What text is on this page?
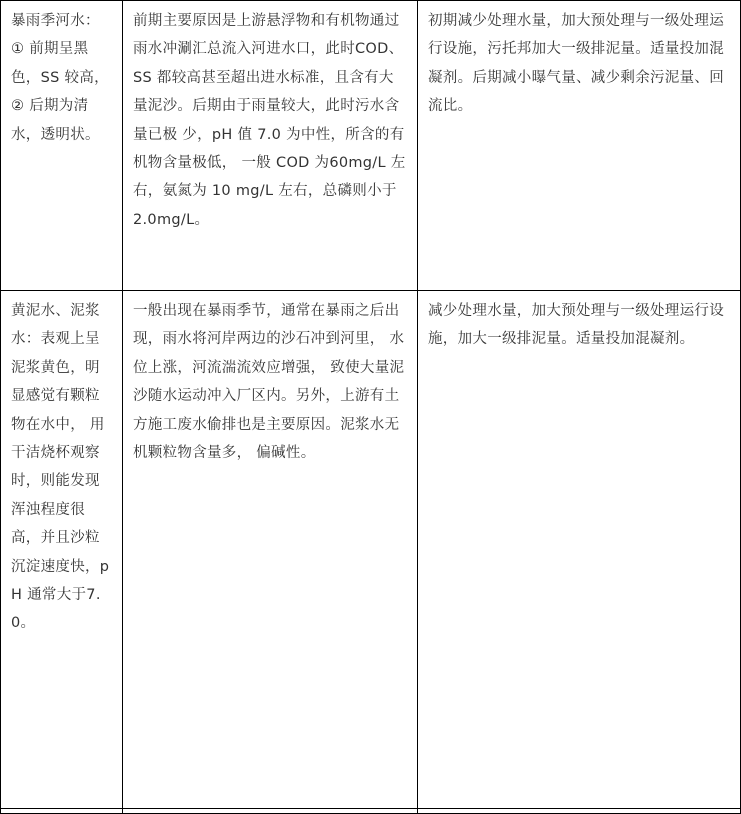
暴雨季河水：① 前期呈黑色，SS 较高，② 后期为清水，透明状。	前期主要原因是上游悬浮物和有机物通过雨水冲涮汇总流入河进水口，此时COD、SS 都较高甚至超出进水标准，且含有大量泥沙。后期由于雨量较大，此时污水含量已极 少，pH 值 7.0 为中性，所含的有机物含量极低， 一般 COD 为60mg/L 左右，氨氮为 10 mg/L 左右，总磷则小于2.0mg/L。	初期减少处理水量，加大预处理与一级处理运行设施，污托邦加大一级排泥量。适量投加混凝剂。后期减小曝气量、减少剩余污泥量、回流比。
黄泥水、泥浆水：表观上呈泥浆黄色，明显感觉有颗粒物在水中， 用干洁烧杯观察时，则能发现浑浊程度很高，并且沙粒沉淀速度快，pH 通常大于7.0。	一般出现在暴雨季节，通常在暴雨之后出现，雨水将河岸两边的沙石冲到河里， 水位上涨，河流湍流效应增强， 致使大量泥沙随水运动冲入厂区内。另外，上游有土方施工废水偷排也是主要原因。泥浆水无机颗粒物含量多， 偏碱性。	减少处理水量，加大预处理与一级处理运行设施，加大一级排泥量。适量投加混凝剂。
